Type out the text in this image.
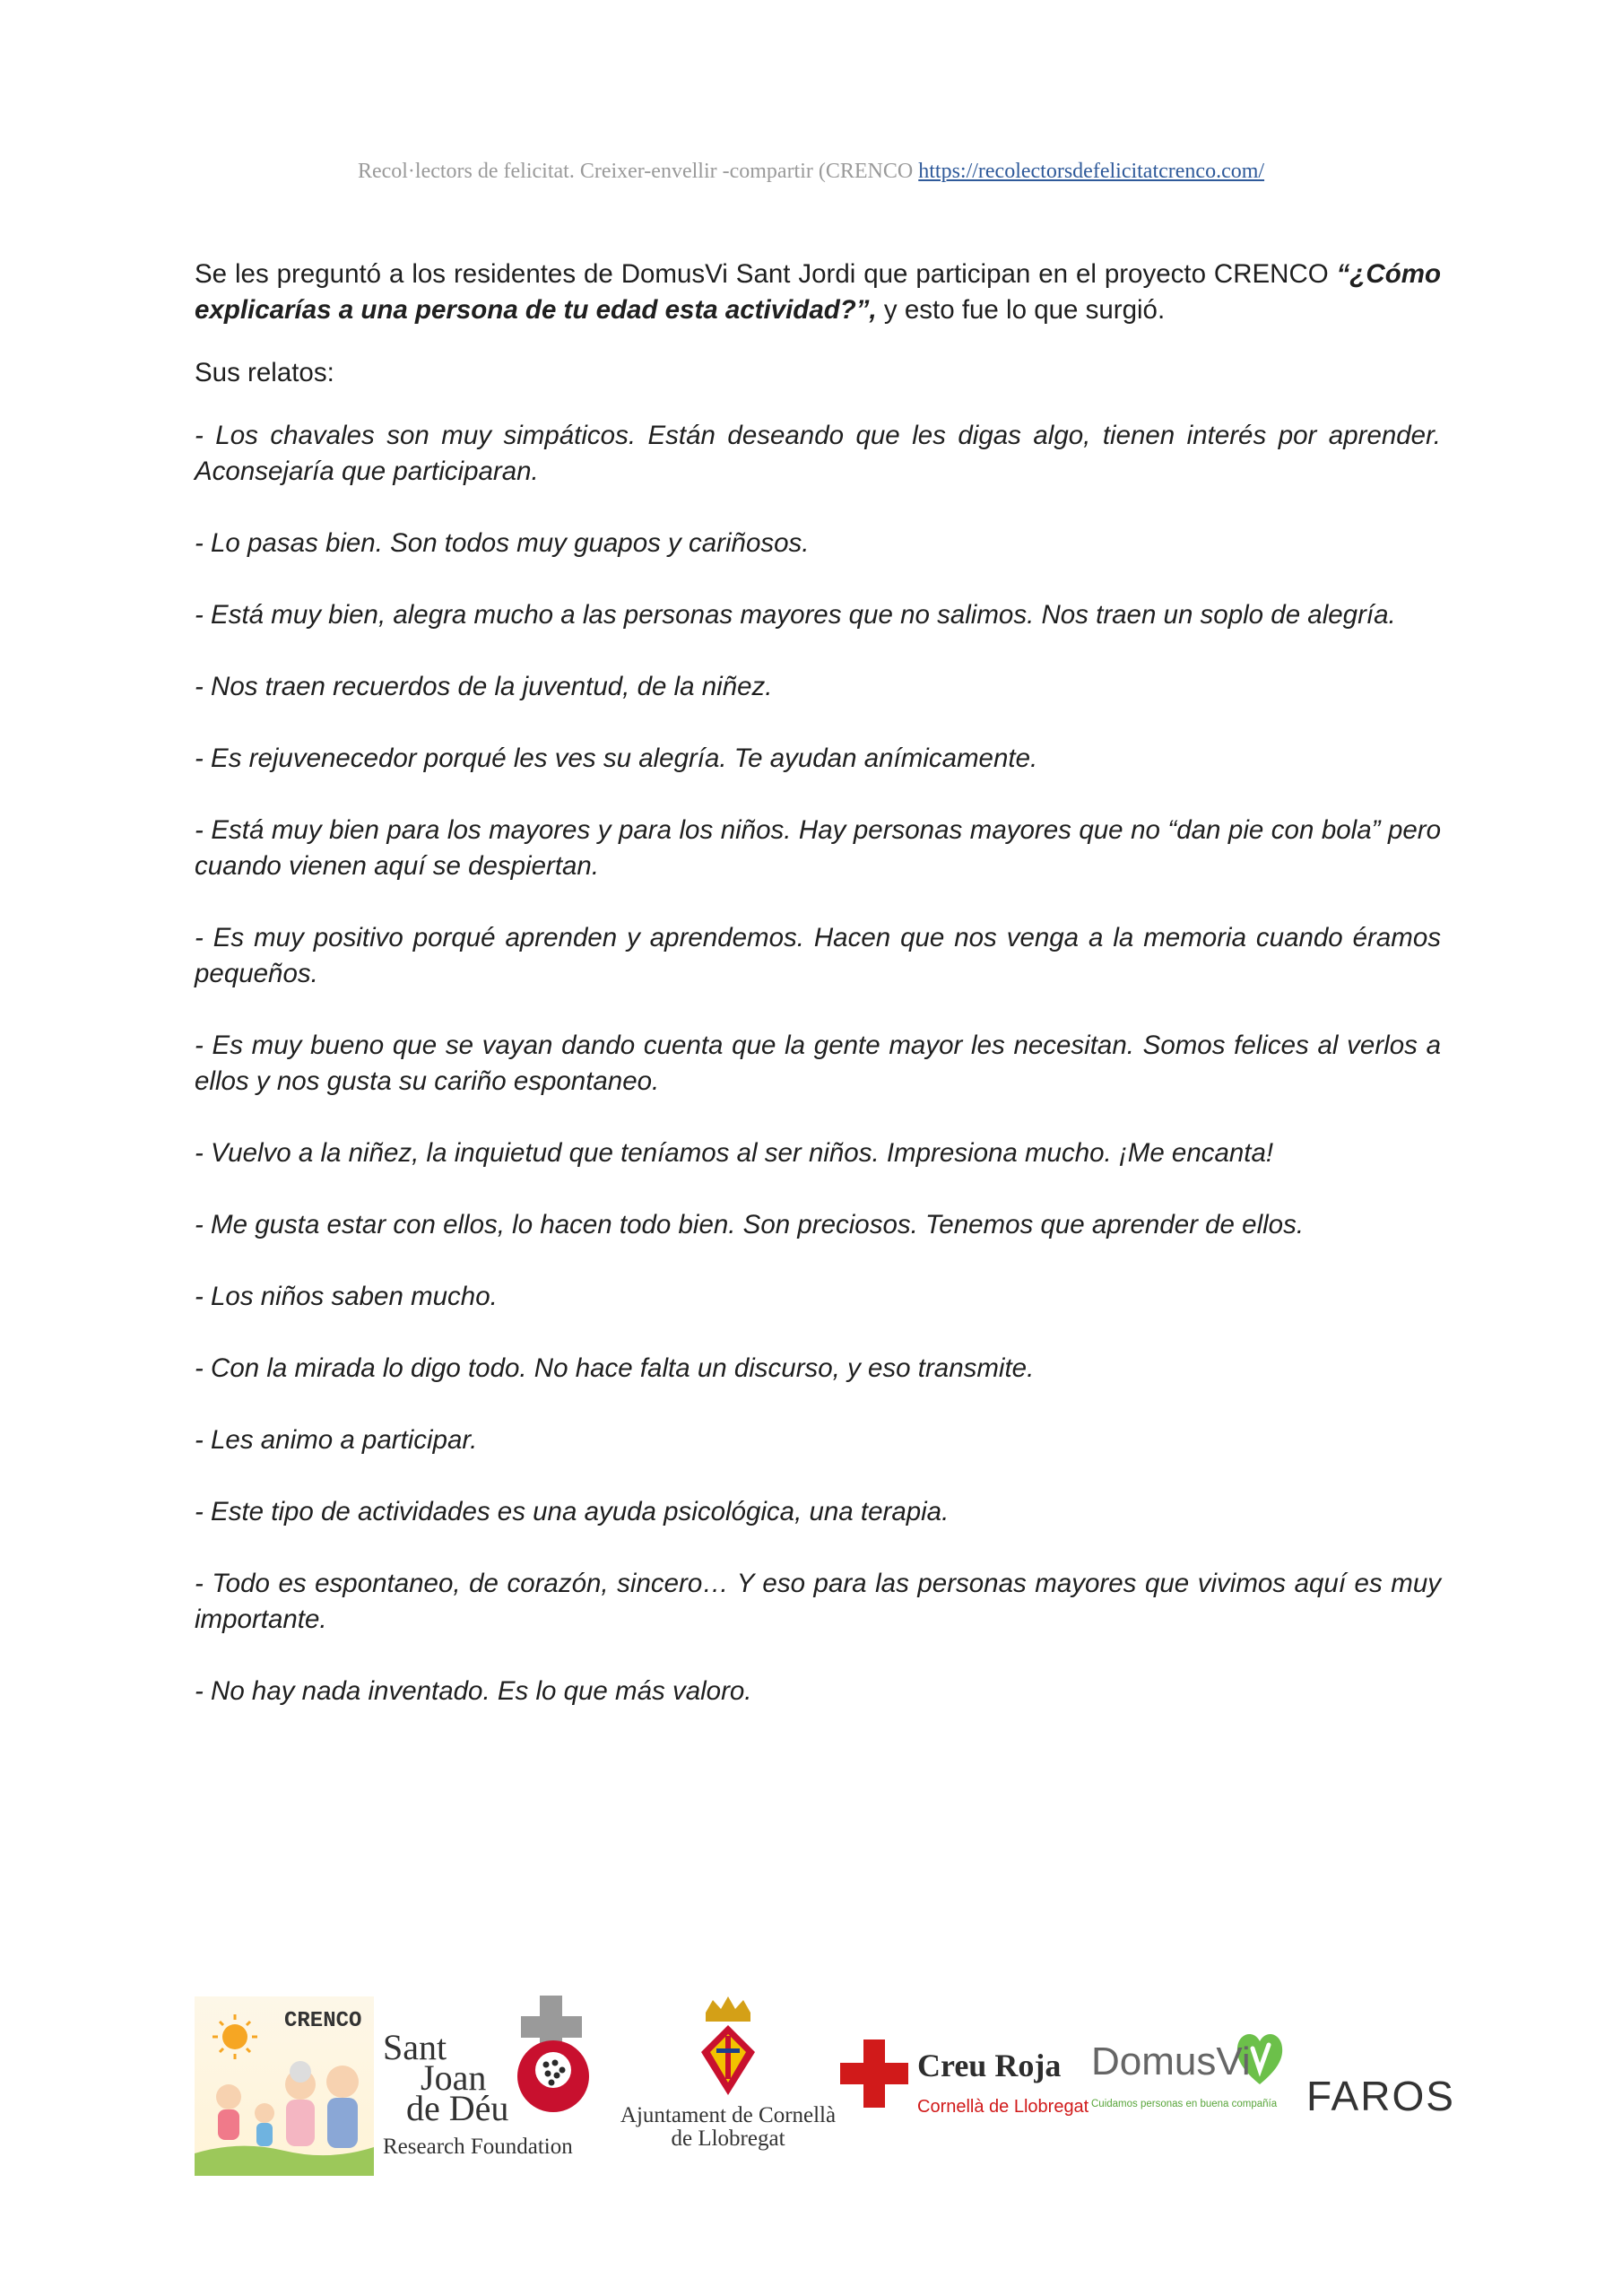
Recol·lectors de felicitat. Creixer-envellir -compartir (CRENCO https://recolectorsdefelicitatcrenco.com/

Se les preguntó a los residentes de DomusVi Sant Jordi que participan en el proyecto CRENCO “¿Cómo explicarías a una persona de tu edad esta actividad?”, y esto fue lo que surgió.

Sus relatos:

- Los chavales son muy simpáticos. Están deseando que les digas algo, tienen interés por aprender. Aconsejaría que participaran.

- Lo pasas bien. Son todos muy guapos y cariñosos.

- Está muy bien, alegra mucho a las personas mayores que no salimos. Nos traen un soplo de alegría.

- Nos traen recuerdos de la juventud, de la niñez.

- Es rejuvenecedor porqué les ves su alegría. Te ayudan anímicamente.

- Está muy bien para los mayores y para los niños. Hay personas mayores que no “dan pie con bola” pero cuando vienen aquí se despiertan.

- Es muy positivo porqué aprenden y aprendemos. Hacen que nos venga a la memoria cuando éramos pequeños.

- Es muy bueno que se vayan dando cuenta que la gente mayor les necesitan. Somos felices al verlos a ellos y nos gusta su cariño espontaneo.

- Vuelvo a la niñez, la inquietud que teníamos al ser niños. Impresiona mucho. ¡Me encanta!

- Me gusta estar con ellos, lo hacen todo bien. Son preciosos. Tenemos que aprender de ellos.

- Los niños saben mucho.

- Con la mirada lo digo todo. No hace falta un discurso, y eso transmite.

- Les animo a participar.

- Este tipo de actividades es una ayuda psicológica, una terapia.

- Todo es espontaneo, de corazón, sincero… Y eso para las personas mayores que vivimos aquí es muy importante.

- No hay nada inventado. Es lo que más valoro.

CRENCO
Sant
Joan
de Déu
Research Foundation
Ajuntament de Cornellà
de Llobregat
Creu Roja
Cornellà de Llobregat
DomusVi
Cuidamos personas en buena compañía FAROS
